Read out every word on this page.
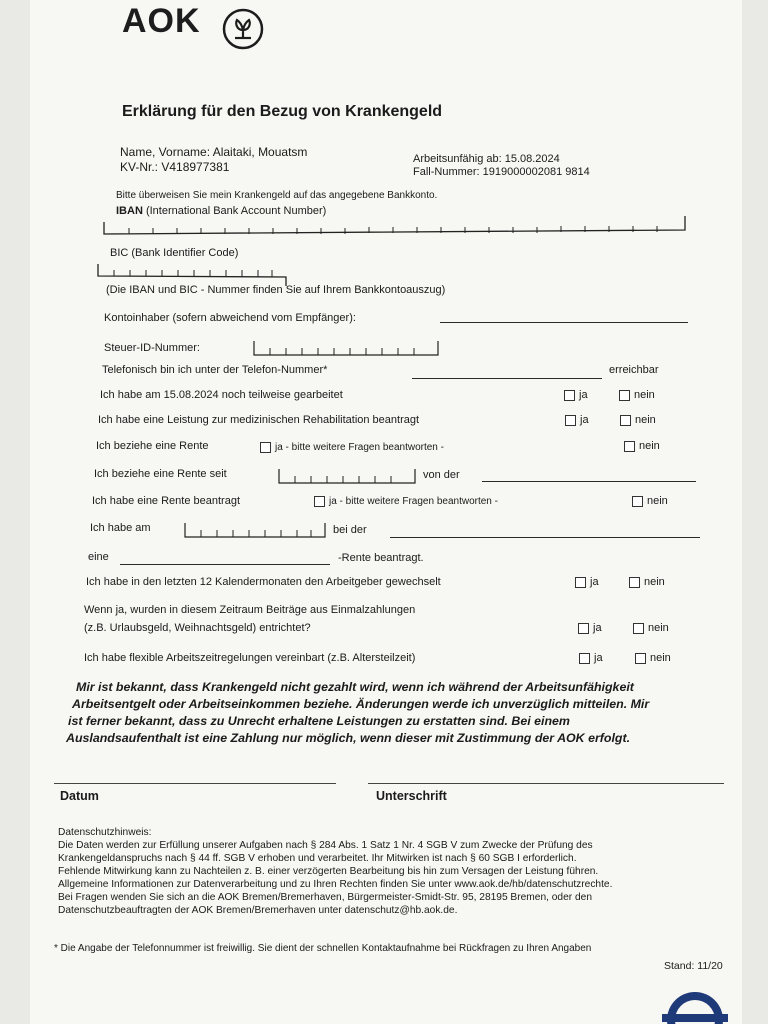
AOK
Erklärung für den Bezug von Krankengeld
Name, Vorname: Alaitaki, Mouatsm
KV-Nr.: V418977381
Arbeitsunfähig ab: 15.08.2024
Fall-Nummer: 1919000002081 9814
Bitte überweisen Sie mein Krankengeld auf das angegebene Bankkonto.
IBAN (International Bank Account Number)
BIC (Bank Identifier Code)
(Die IBAN und BIC - Nummer finden Sie auf Ihrem Bankkontoauszug)
Kontoinhaber (sofern abweichend vom Empfänger):
Steuer-ID-Nummer:
Telefonisch bin ich unter der Telefon-Nummer*	erreichbar
Ich habe am 15.08.2024 noch teilweise gearbeitet	ja	nein
Ich habe eine Leistung zur medizinischen Rehabilitation beantragt	ja	nein
Ich beziehe eine Rente	ja - bitte weitere Fragen beantworten -	nein
Ich beziehe eine Rente seit	von der
Ich habe eine Rente beantragt	ja - bitte weitere Fragen beantworten -	nein
Ich habe am	bei der
eine	-Rente beantragt.
Ich habe in den letzten 12 Kalendermonaten den Arbeitgeber gewechselt	ja	nein
Wenn ja, wurden in diesem Zeitraum Beiträge aus Einmalzahlungen
(z.B. Urlaubsgeld, Weihnachtsgeld) entrichtet?	ja	nein
Ich habe flexible Arbeitszeitregelungen vereinbart (z.B. Altersteilzeit)	ja	nein
Mir ist bekannt, dass Krankengeld nicht gezahlt wird, wenn ich während der Arbeitsunfähigkeit
Arbeitsentgelt oder Arbeitseinkommen beziehe. Änderungen werde ich unverzüglich mitteilen. Mir
ist ferner bekannt, dass zu Unrecht erhaltene Leistungen zu erstatten sind. Bei einem
Auslandsaufenthalt ist eine Zahlung nur möglich, wenn dieser mit Zustimmung der AOK erfolgt.
Datum	Unterschrift
Datenschutzhinweis:
Die Daten werden zur Erfüllung unserer Aufgaben nach § 284 Abs. 1 Satz 1 Nr. 4 SGB V zum Zwecke der Prüfung des
Krankengeldanspruchs nach § 44 ff. SGB V erhoben und verarbeitet. Ihr Mitwirken ist nach § 60 SGB I erforderlich.
Fehlende Mitwirkung kann zu Nachteilen z. B. einer verzögerten Bearbeitung bis hin zum Versagen der Leistung führen.
Allgemeine Informationen zur Datenverarbeitung und zu Ihren Rechten finden Sie unter www.aok.de/hb/datenschutzrechte.
Bei Fragen wenden Sie sich an die AOK Bremen/Bremerhaven, Bürgermeister-Smidt-Str. 95, 28195 Bremen, oder den
Datenschutzbeauftragten der AOK Bremen/Bremerhaven unter datenschutz@hb.aok.de.
* Die Angabe der Telefonnummer ist freiwillig. Sie dient der schnellen Kontaktaufnahme bei Rückfragen zu Ihren Angaben
Stand: 11/20
